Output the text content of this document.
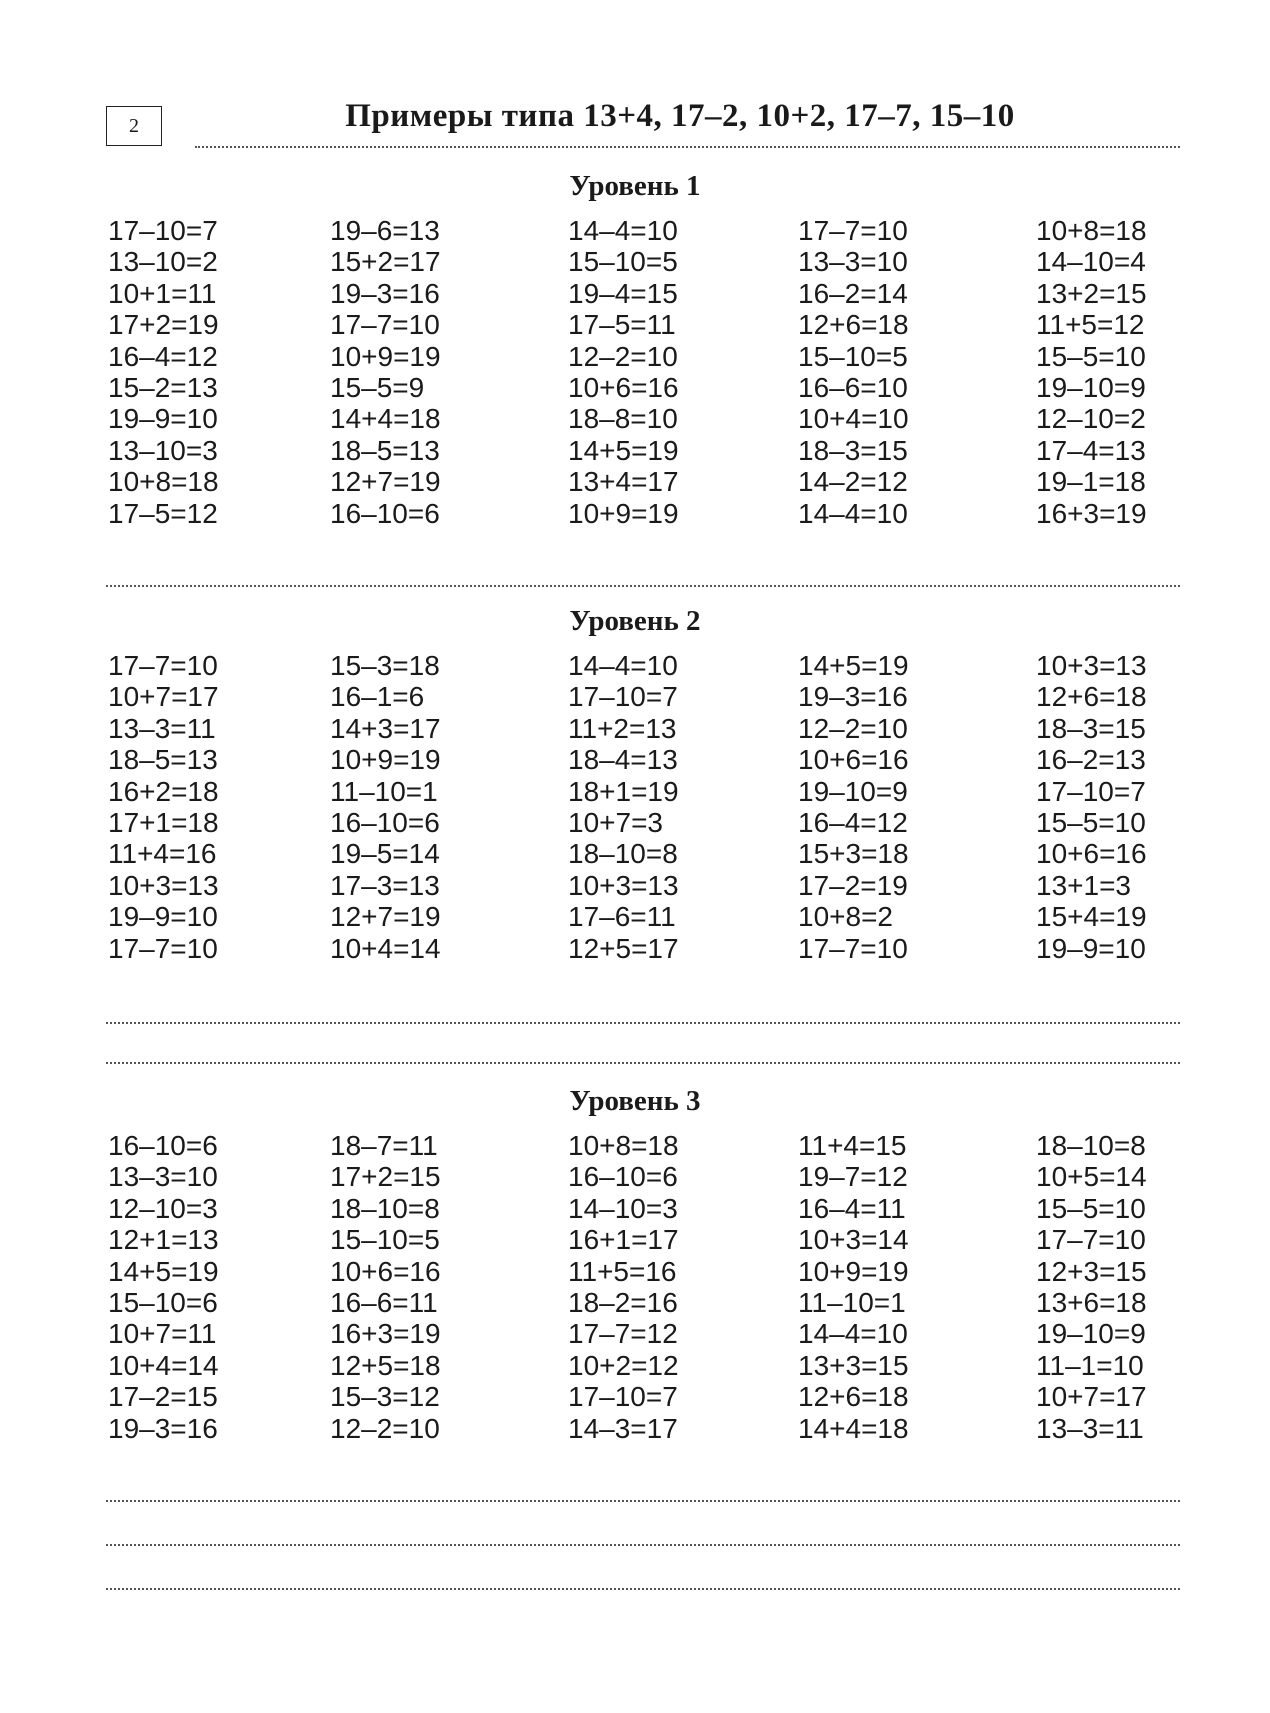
2	Примеры типа 13+4, 17–2, 10+2, 17–7, 15–10
Уровень 1
17–10=7
13–10=2
10+1=11
17+2=19
16–4=12
15–2=13
19–9=10
13–10=3
10+8=18
17–5=12
19–6=13
15+2=17
19–3=16
17–7=10
10+9=19
15–5=9
14+4=18
18–5=13
12+7=19
16–10=6
14–4=10
15–10=5
19–4=15
17–5=11
12–2=10
10+6=16
18–8=10
14+5=19
13+4=17
10+9=19
17–7=10
13–3=10
16–2=14
12+6=18
15–10=5
16–6=10
10+4=10
18–3=15
14–2=12
14–4=10
10+8=18
14–10=4
13+2=15
11+5=12
15–5=10
19–10=9
12–10=2
17–4=13
19–1=18
16+3=19
Уровень 2
17–7=10
10+7=17
13–3=11
18–5=13
16+2=18
17+1=18
11+4=16
10+3=13
19–9=10
17–7=10
15–3=18
16–1=6
14+3=17
10+9=19
11–10=1
16–10=6
19–5=14
17–3=13
12+7=19
10+4=14
14–4=10
17–10=7
11+2=13
18–4=13
18+1=19
10+7=3
18–10=8
10+3=13
17–6=11
12+5=17
14+5=19
19–3=16
12–2=10
10+6=16
19–10=9
16–4=12
15+3=18
17–2=19
10+8=2
17–7=10
10+3=13
12+6=18
18–3=15
16–2=13
17–10=7
15–5=10
10+6=16
13+1=3
15+4=19
19–9=10
Уровень 3
16–10=6
13–3=10
12–10=3
12+1=13
14+5=19
15–10=6
10+7=11
10+4=14
17–2=15
19–3=16
18–7=11
17+2=15
18–10=8
15–10=5
10+6=16
16–6=11
16+3=19
12+5=18
15–3=12
12–2=10
10+8=18
16–10=6
14–10=3
16+1=17
11+5=16
18–2=16
17–7=12
10+2=12
17–10=7
14–3=17
11+4=15
19–7=12
16–4=11
10+3=14
10+9=19
11–10=1
14–4=10
13+3=15
12+6=18
14+4=18
18–10=8
10+5=14
15–5=10
17–7=10
12+3=15
13+6=18
19–10=9
11–1=10
10+7=17
13–3=11
